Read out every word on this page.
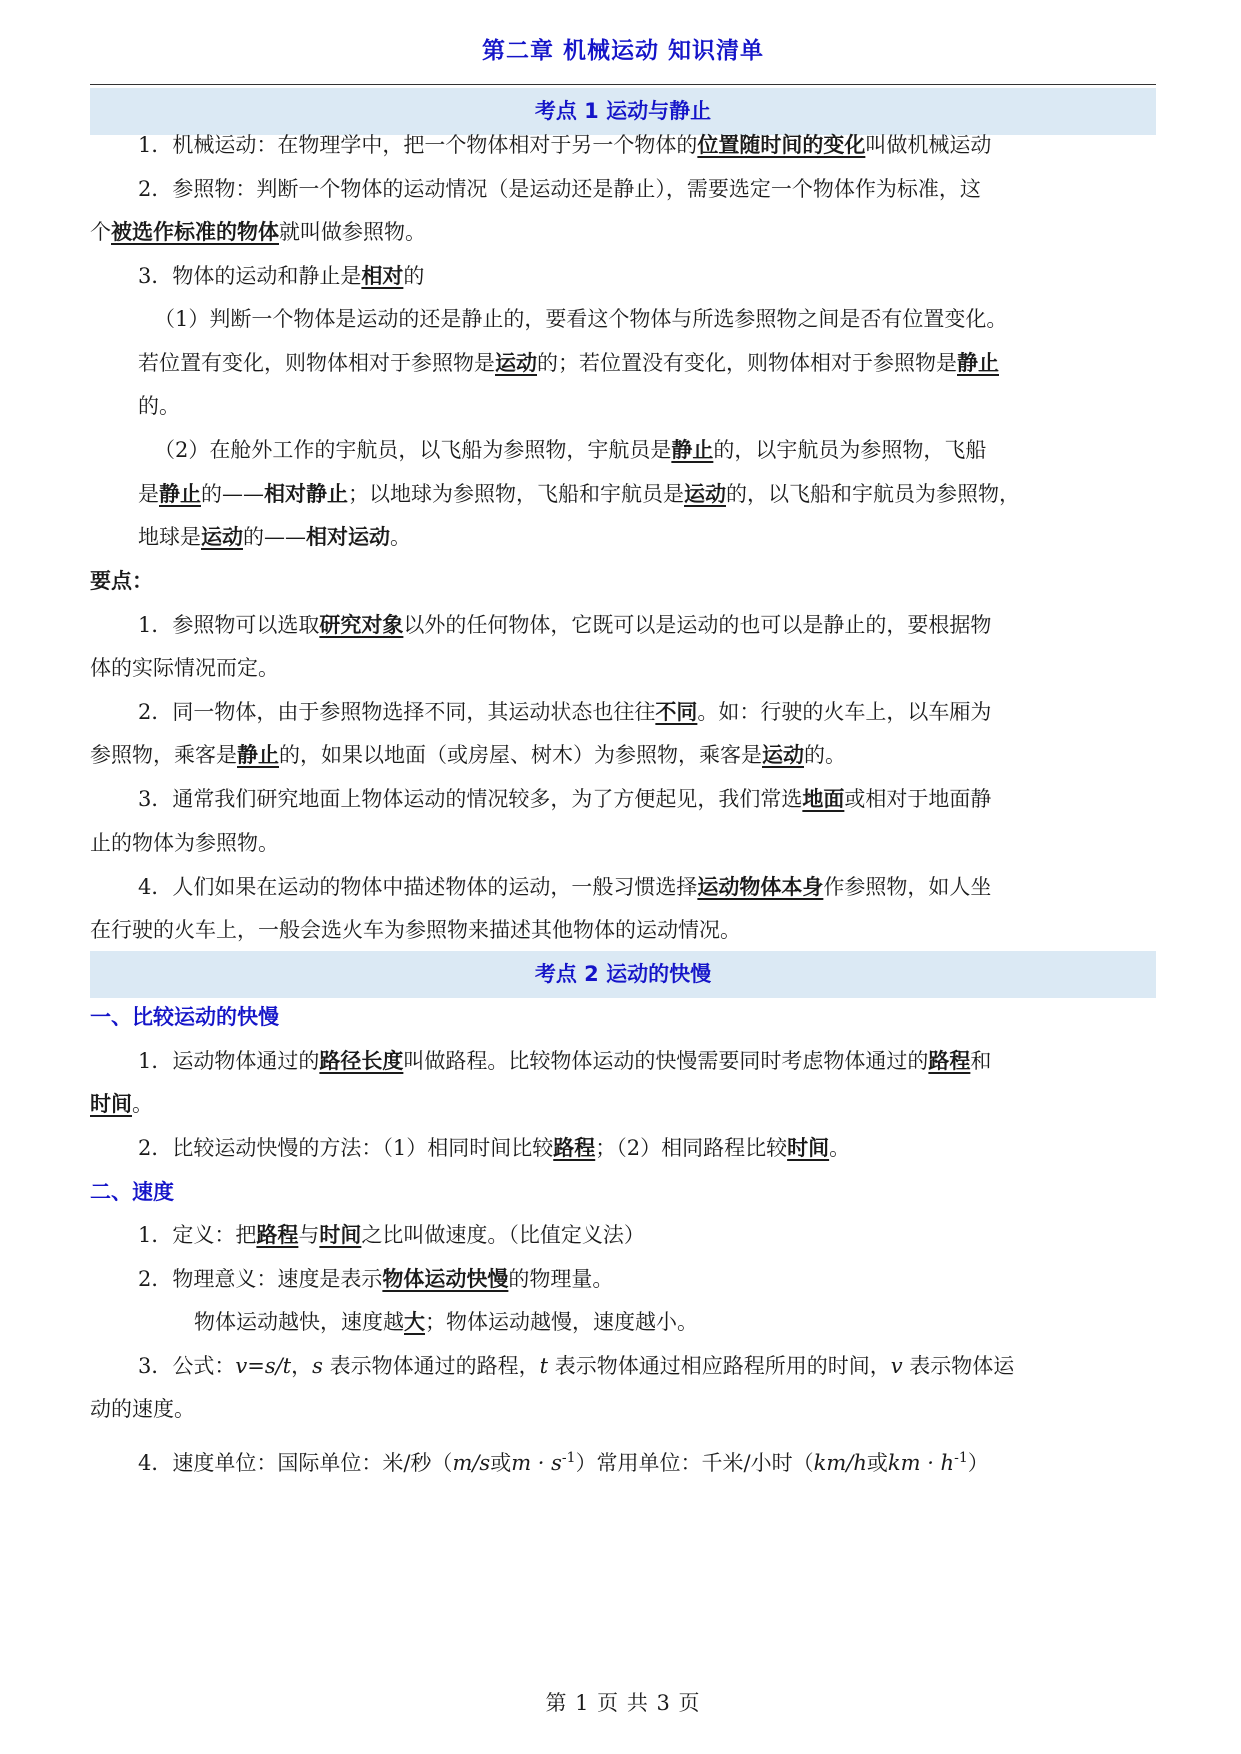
第二章 机械运动 知识清单
考点 1 运动与静止
1．机械运动：在物理学中，把一个物体相对于另一个物体的位置随时间的变化叫做机械运动
2．参照物：判断一个物体的运动情况（是运动还是静止），需要选定一个物体作为标准，这
个被选作标准的物体就叫做参照物。
3．物体的运动和静止是相对的
（1）判断一个物体是运动的还是静止的，要看这个物体与所选参照物之间是否有位置变化。
若位置有变化，则物体相对于参照物是运动的；若位置没有变化，则物体相对于参照物是静止
的。
（2）在舱外工作的宇航员，以飞船为参照物，宇航员是静止的，以宇航员为参照物，飞船
是静止的——相对静止；以地球为参照物，飞船和宇航员是运动的，以飞船和宇航员为参照物，
地球是运动的——相对运动。
要点：
1．参照物可以选取研究对象以外的任何物体，它既可以是运动的也可以是静止的，要根据物
体的实际情况而定。
2．同一物体，由于参照物选择不同，其运动状态也往往不同。如：行驶的火车上，以车厢为
参照物，乘客是静止的，如果以地面（或房屋、树木）为参照物，乘客是运动的。
3．通常我们研究地面上物体运动的情况较多，为了方便起见，我们常选地面或相对于地面静
止的物体为参照物。
4．人们如果在运动的物体中描述物体的运动，一般习惯选择运动物体本身作参照物，如人坐
在行驶的火车上，一般会选火车为参照物来描述其他物体的运动情况。
考点 2 运动的快慢
一、比较运动的快慢
1．运动物体通过的路径长度叫做路程。比较物体运动的快慢需要同时考虑物体通过的路程和
时间。
2．比较运动快慢的方法：（1）相同时间比较路程；（2）相同路程比较时间。
二、速度
1．定义：把路程与时间之比叫做速度。（比值定义法）
2．物理意义：速度是表示物体运动快慢的物理量。
物体运动越快，速度越大；物体运动越慢，速度越小。
3．公式：v=s/t，s 表示物体通过的路程，t 表示物体通过相应路程所用的时间，v 表示物体运
动的速度。
4．速度单位：国际单位：米/秒（m/s或$m \cdot s^{-1}$）常用单位：千米/小时（km/h或km · $h^{-1}$）
第 1 页 共 3 页
